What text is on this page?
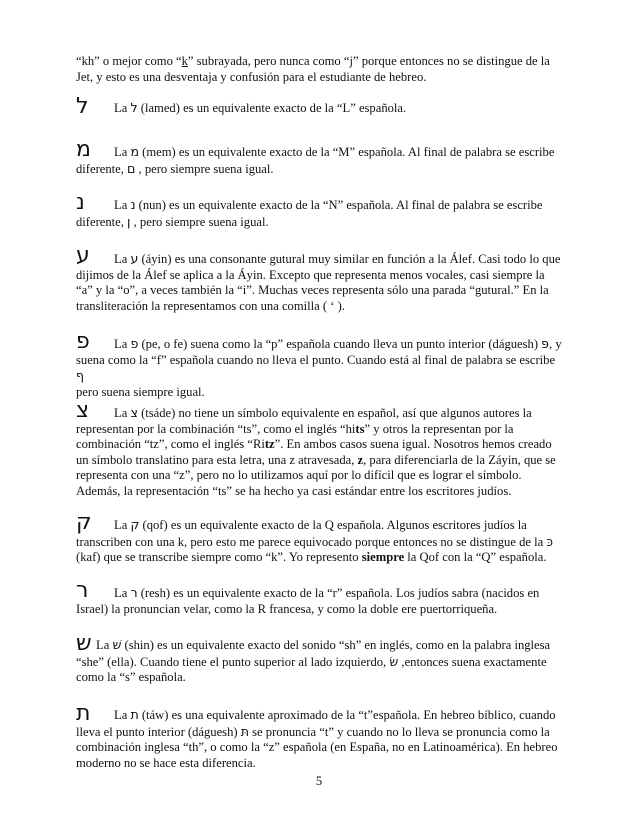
“kh” o mejor como “k” subrayada, pero nunca como “j” porque entonces no se distingue de la Jet, y esto es una desventaja y confusión para el estudiante de hebreo.

ל	La ל (lamed) es un equivalente exacto de la “L” española.

מ	La מ (mem) es un equivalente exacto de la “M” española. Al final de palabra se escribe
diferente, ם , pero siempre suena igual.

נ	La נ (nun) es un equivalente exacto de la “N” española. Al final de palabra se escribe
diferente, ן , pero siempre suena igual.

ע	La ע (áyin) es una consonante gutural muy similar en función a la Álef. Casi todo lo que
dijimos de la Álef se aplica a la Áyin. Excepto que representa menos vocales, casi siempre la “a” y la “o”, a veces también la “i”. Muchas veces representa sólo una parada “gutural.” En la transliteración la representamos con una comilla ( ‘ ).

פ	La פ (pe, o fe) suena como la “p” española cuando lleva un punto interior (dáguesh) פּ, y
suena como la “f” española cuando no lleva el punto. Cuando está al final de palabra se escribe ף
pero suena siempre igual.

צ	La צ (tsáde) no tiene un símbolo equivalente en español, así que algunos autores la
representan por la combinación “ts”, como el inglés “hits” y otros la representan por la
combinación “tz”, como el inglés “Ritz”. En ambos casos suena igual. Nosotros hemos creado
un símbolo translatino para esta letra, una z atravesada, z, para diferenciarla de la Záyin, que se
representa con una “z”, pero no lo utilizamos aquí por lo difícil que es lograr el símbolo.
Además, la representación “ts” se ha hecho ya casi estándar entre los escritores judíos.

ק	La ק (qof) es un equivalente exacto de la Q española. Algunos escritores judíos la
transcriben con una k, pero esto me parece equivocado porque entonces no se distingue de la כּ
(kaf) que se transcribe siempre como “k”. Yo represento siempre la Qof con la “Q” española.

ר	La ר (resh) es un equivalente exacto de la “r” española. Los judíos sabra (nacidos en
Israel) la pronuncian velar, como la R francesa, y como la doble ere puertorriqueña.

ש La שׁ (shin) es un equivalente exacto del sonido “sh” en inglés, como en la palabra inglesa
“she” (ella). Cuando tiene el punto superior al lado izquierdo, שׂ ,entonces suena exactamente
como la “s” española.

ת	La ת (táw) es una equivalente aproximado de la “t”española. En hebreo bíblico, cuando
lleva el punto interior (dáguesh) תּ se pronuncia “t” y cuando no lo lleva se pronuncia como la
combinación inglesa “th”, o como la “z” española (en España, no en Latinoamérica). En hebreo
moderno no se hace esta diferencia.

5
